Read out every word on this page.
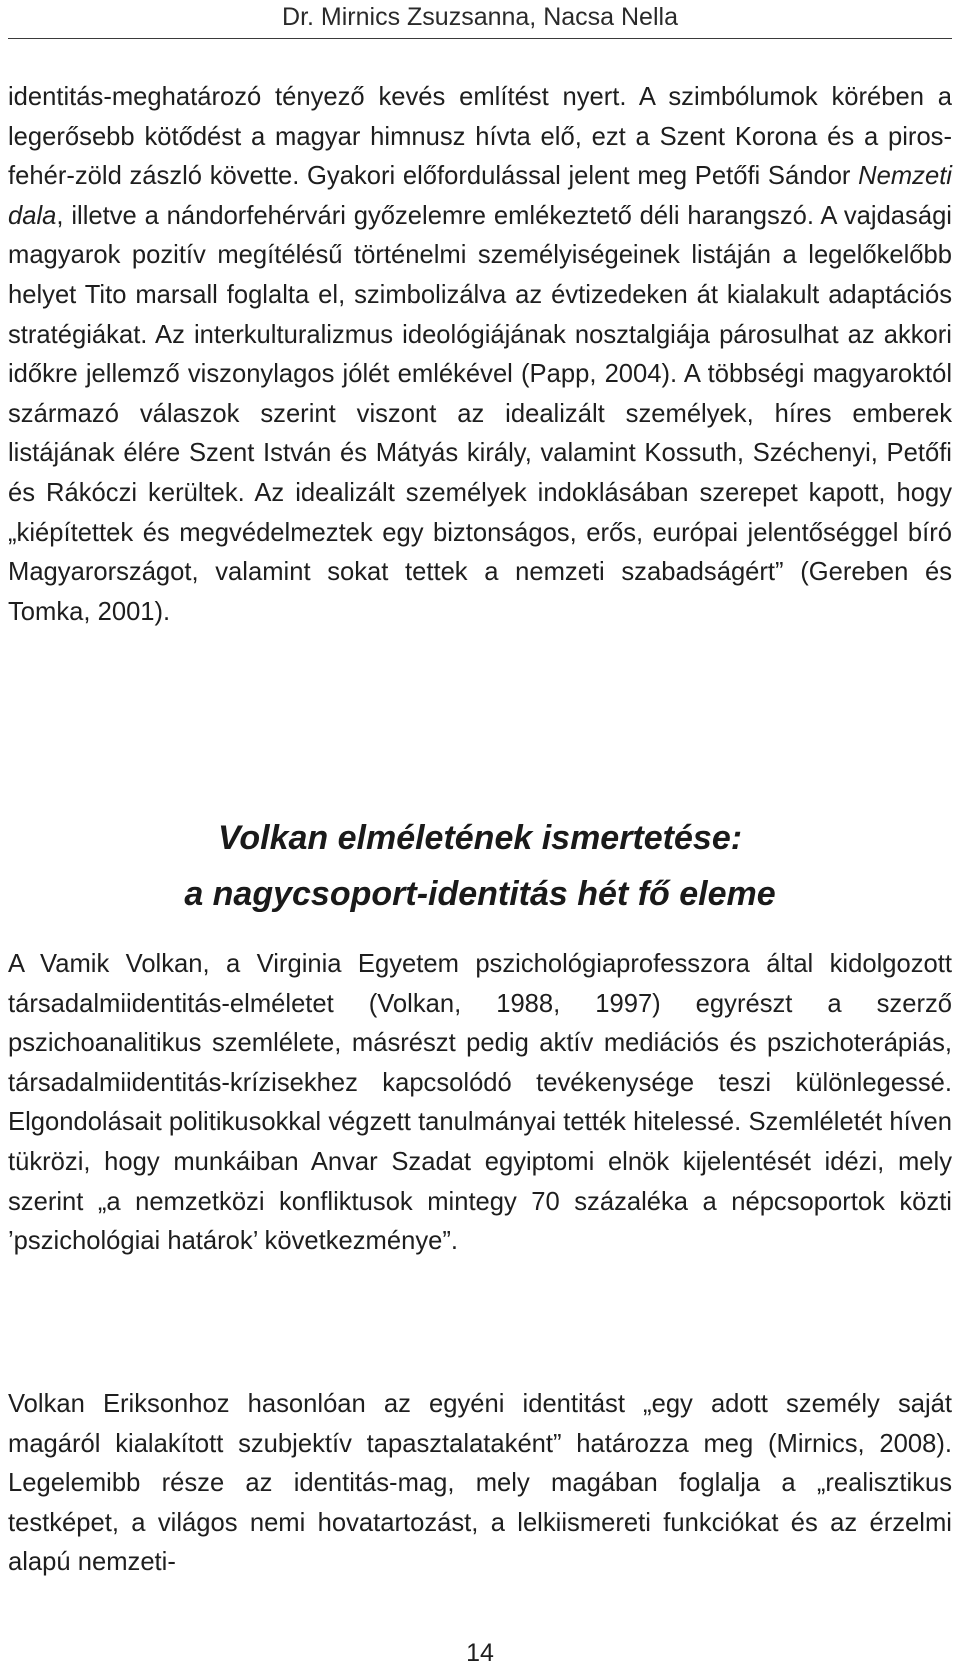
Dr. Mirnics Zsuzsanna, Nacsa Nella
identitás-meghatározó tényező kevés említést nyert. A szimbólumok körében a legerősebb kötődést a magyar himnusz hívta elő, ezt a Szent Korona és a piros-fehér-zöld zászló követte. Gyakori előfordulással jelent meg Petőfi Sándor Nemzeti dala, illetve a nándorfehérvári győzelemre emlékeztető déli harangszó. A vajdasági magyarok pozitív megítélésű történelmi személyiségeinek listáján a legelőkelőbb helyet Tito marsall foglalta el, szimbolizálva az évtizedeken át kialakult adaptációs stratégiákat. Az interkulturalizmus ideológiájának nosztalgiája párosulhat az akkori időkre jellemző viszonylagos jólét emlékével (Papp, 2004). A többségi magyaroktól származó válaszok szerint viszont az idealizált személyek, híres emberek listájának élére Szent István és Mátyás király, valamint Kossuth, Széchenyi, Petőfi és Rákóczi kerültek. Az idealizált személyek indoklásában szerepet kapott, hogy „kiépítettek és megvédelmeztek egy biztonságos, erős, európai jelentőséggel bíró Magyarországot, valamint sokat tettek a nemzeti szabadságért” (Gereben és Tomka, 2001).
Volkan elméletének ismertetése:
a nagycsoport-identitás hét fő eleme
A Vamik Volkan, a Virginia Egyetem pszichológiaprofesszora által kidolgozott társadalmiidentitás-elméletet (Volkan, 1988, 1997) egyrészt a szerző pszichoanalitikus szemlélete, másrészt pedig aktív mediációs és pszichoterápiás, társadalmiidentitás-krízisekhez kapcsolódó tevékenysége teszi különlegessé. Elgondolásait politikusokkal végzett tanulmányai tették hitelessé. Szemléletét híven tükrözi, hogy munkáiban Anvar Szadat egyiptomi elnök kijelentését idézi, mely szerint „a nemzetközi konfliktusok mintegy 70 százaléka a népcsoportok közti ’pszichológiai határok’ következménye”.
Volkan Eriksonhoz hasonlóan az egyéni identitást „egy adott személy saját magáról kialakított szubjektív tapasztalataként” határozza meg (Mirnics, 2008). Legelemibb része az identitás-mag, mely magában foglalja a „realisztikus testképet, a világos nemi hovatartozást, a lelkiismereti funkciókat és az érzelmi alapú nemzeti-
14
